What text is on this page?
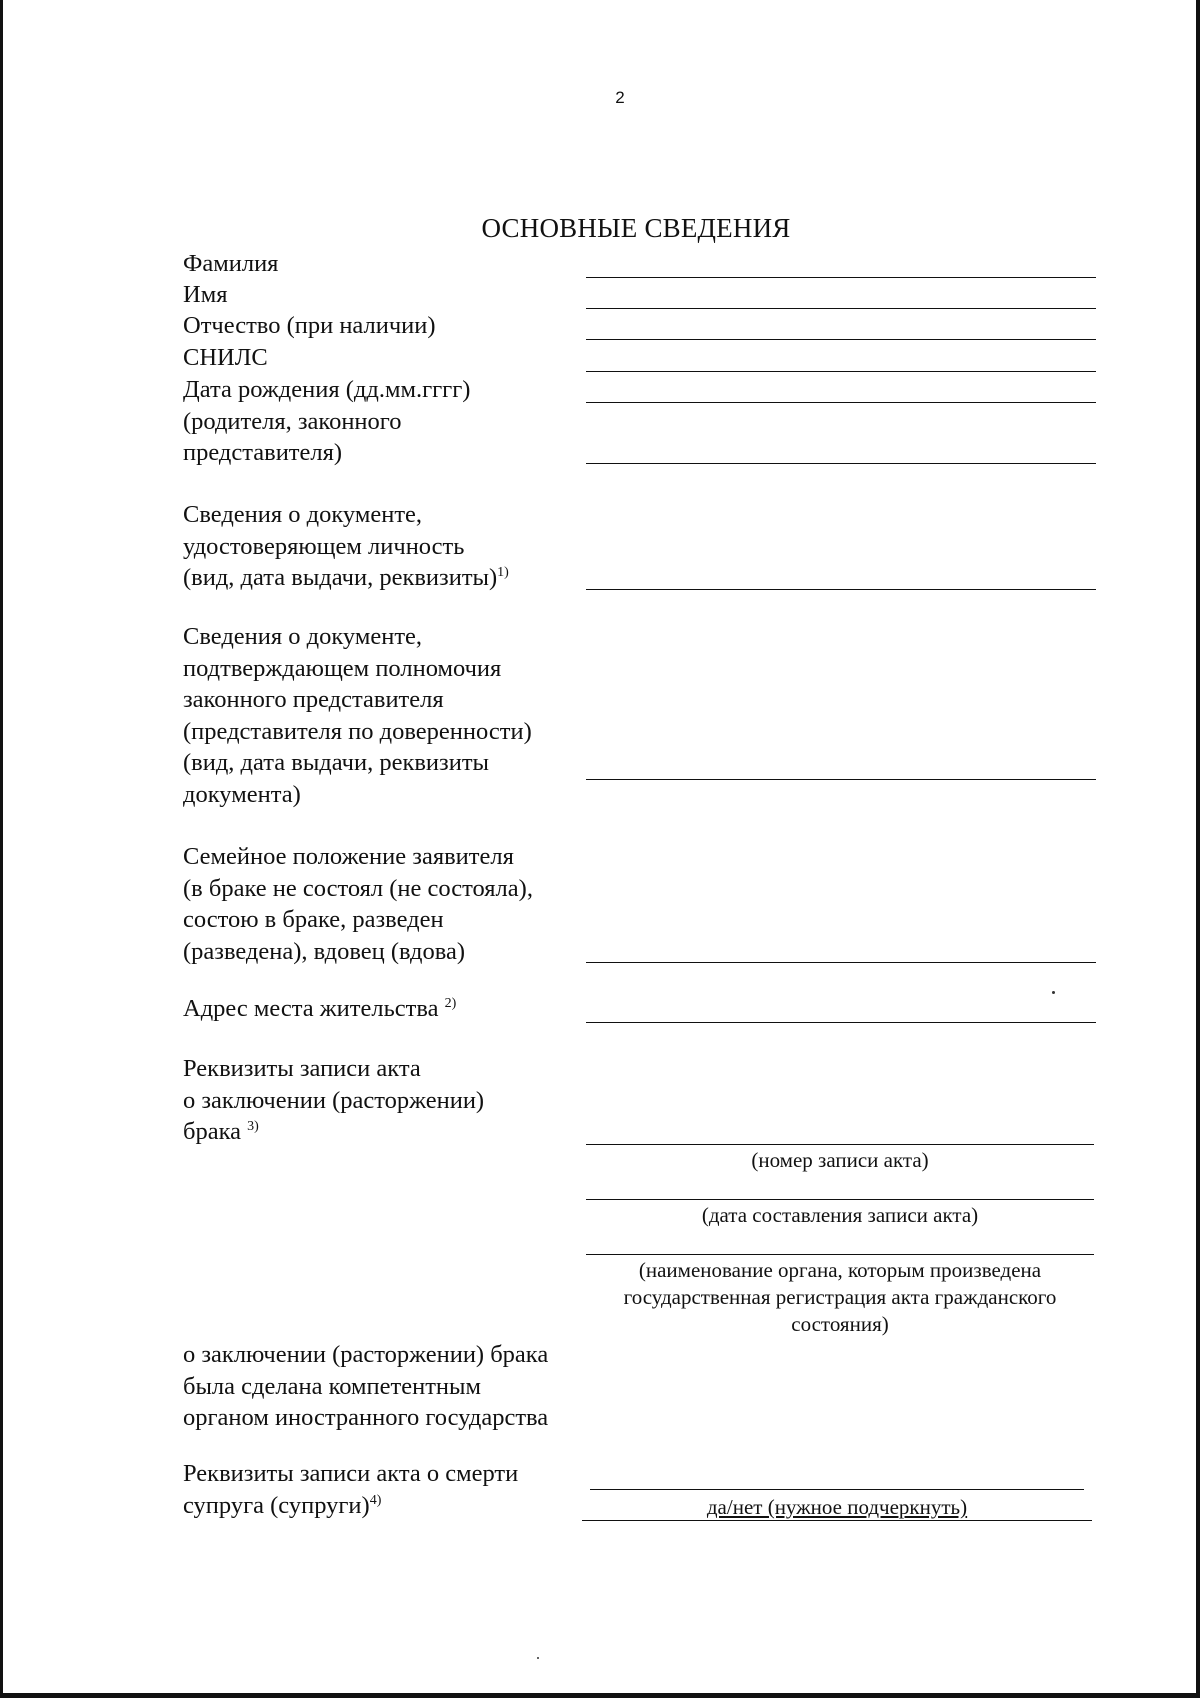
2
ОСНОВНЫЕ СВЕДЕНИЯ
Фамилия
Имя
Отчество (при наличии)
СНИЛС
Дата рождения (дд.мм.гггг)
(родителя, законного
представителя)
Сведения о документе,
удостоверяющем личность
(вид, дата выдачи, реквизиты)$^{1)}$
Сведения о документе,
подтверждающем полномочия
законного представителя
(представителя по доверенности)
(вид, дата выдачи, реквизиты
документа)
Семейное положение заявителя
(в браке не состоял (не состояла),
состою в браке, разведен
(разведена), вдовец (вдова)
Адрес места жительства $^{2)}$
Реквизиты записи акта
о заключении (расторжении)
брака $^{3)}$
(номер записи акта)
(дата составления записи акта)
(наименование органа, которым произведена
государственная регистрация акта гражданского
состояния)
о заключении (расторжении) брака
была сделана компетентным
органом иностранного государства
Реквизиты записи акта о смерти
супруга (супруги)$^{4)}$	да/нет (нужное подчеркнуть)
